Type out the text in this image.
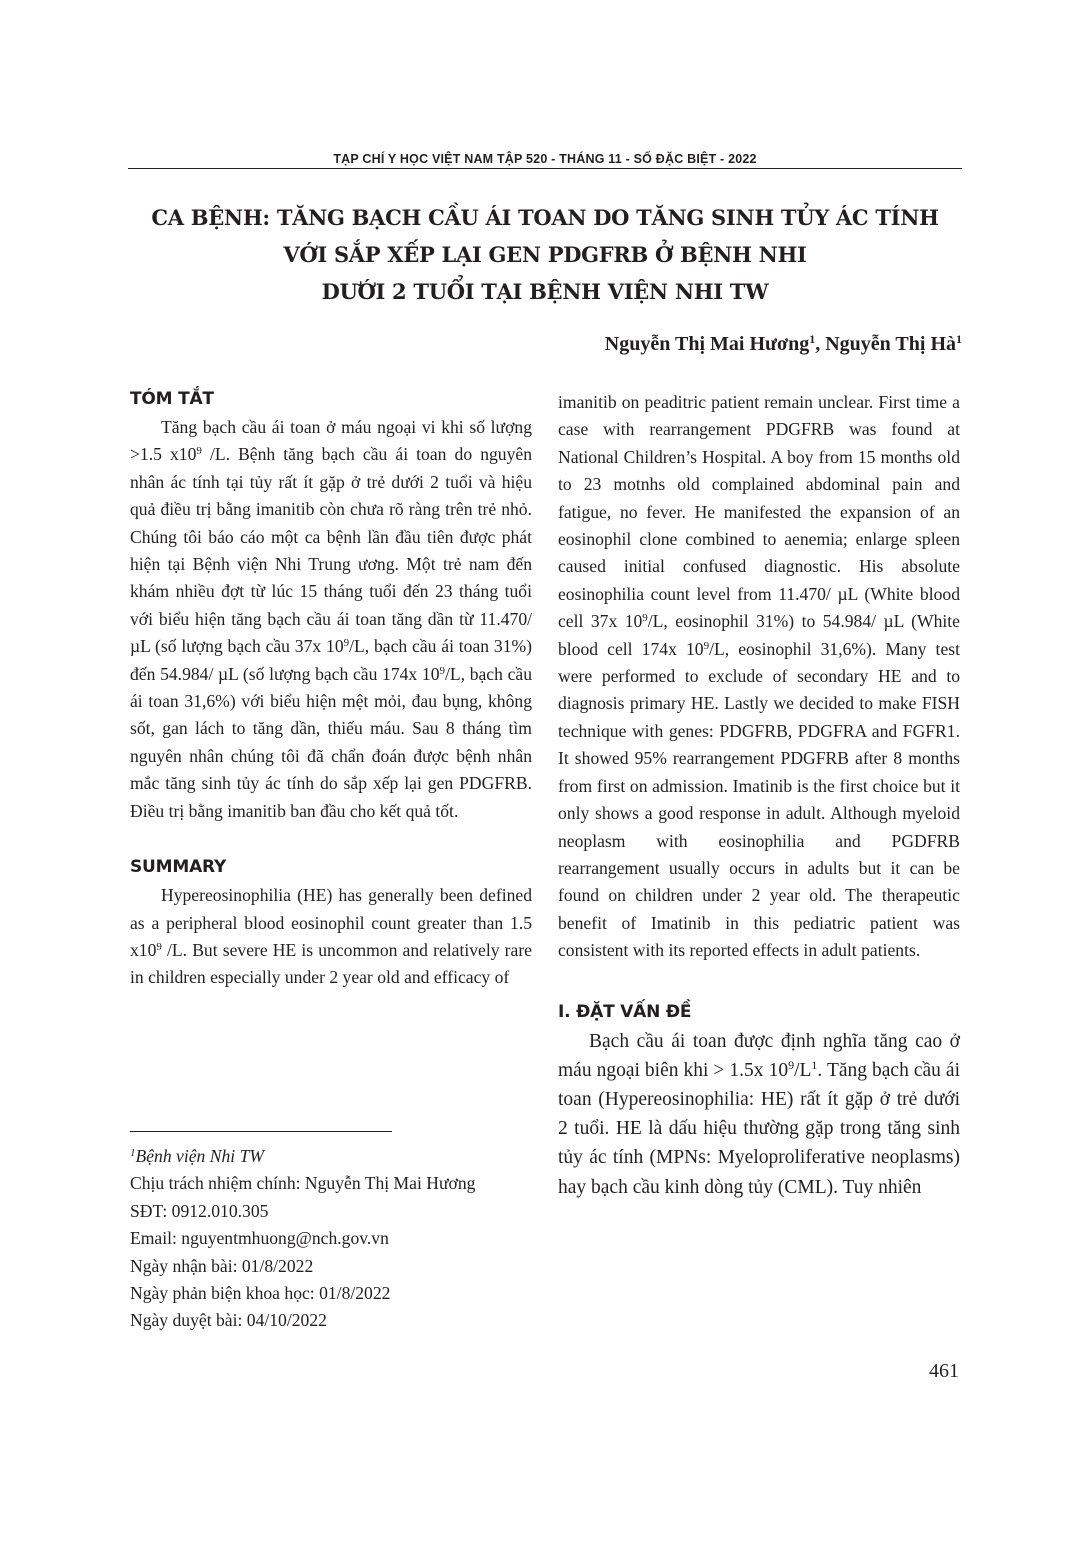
TẠP CHÍ Y HỌC VIỆT NAM TẬP 520 - THÁNG 11 - SỐ ĐẶC BIỆT - 2022
CA BỆNH: TĂNG BẠCH CẦU ÁI TOAN DO TĂNG SINH TỦY ÁC TÍNH
VỚI SẮP XẾP LẠI GEN PDGFRB Ở BỆNH NHI
DƯỚI 2 TUỔI TẠI BỆNH VIỆN NHI TW
Nguyễn Thị Mai Hương$^1$, Nguyễn Thị $Hà^1$
TÓM TẮT

Tăng bạch cầu ái toan ở máu ngoại vi khi số lượng >1.5 $x10^9$ /L. Bệnh tăng bạch cầu ái toan do nguyên nhân ác tính tại tủy rất ít gặp ở trẻ dưới 2 tuổi và hiệu quả điều trị bằng imanitib còn chưa rõ ràng trên trẻ nhỏ. Chúng tôi báo cáo một ca bệnh lần đầu tiên được phát hiện tại Bệnh viện Nhi Trung ương. Một trẻ nam đến khám nhiều đợt từ lúc 15 tháng tuổi đến 23 tháng tuổi với biểu hiện tăng bạch cầu ái toan tăng dần từ 11.470/ µL (số lượng bạch cầu 37x $10^9/L$, bạch cầu ái toan 31%) đến 54.984/ µL (số lượng bạch cầu 174x $10^9/L$, bạch cầu ái toan 31,6%) với biểu hiện mệt mỏi, đau bụng, không sốt, gan lách to tăng dần, thiếu máu. Sau 8 tháng tìm nguyên nhân chúng tôi đã chẩn đoán được bệnh nhân mắc tăng sinh tủy ác tính do sắp xếp lại gen PDGFRB. Điều trị bằng imanitib ban đầu cho kết quả tốt.

SUMMARY

Hypereosinophilia (HE) has generally been defined as a peripheral blood eosinophil count greater than 1.5 $x10^9$ /L. But severe HE is uncommon and relatively rare in children especially under 2 year old and efficacy of

$^1$Bệnh viện Nhi TW
Chịu trách nhiệm chính: Nguyễn Thị Mai Hương
SĐT: 0912.010.305
Email: nguyentmhuong@nch.gov.vn
Ngày nhận bài: 01/8/2022
Ngày phản biện khoa học: 01/8/2022
Ngày duyệt bài: 04/10/2022

imanitib on peaditric patient remain unclear. First time a case with rearrangement PDGFRB was found at National Children’s Hospital. A boy from 15 months old to 23 motnhs old complained abdominal pain and fatigue, no fever. He manifested the expansion of an eosinophil clone combined to aenemia; enlarge spleen caused initial confused diagnostic. His absolute eosinophilia count level from 11.470/ µL (White blood cell 37x $10^9/L$, eosinophil 31%) to 54.984/ µL (White blood cell 174x $10^9/L$, eosinophil 31,6%). Many test were performed to exclude of secondary HE and to diagnosis primary HE. Lastly we decided to make FISH technique with genes: PDGFRB, PDGFRA and FGFR1. It showed 95% rearrangement PDGFRB after 8 months from first on admission. Imatinib is the first choice but it only shows a good response in adult. Although myeloid neoplasm with eosinophilia and PGDFRB rearrangement usually occurs in adults but it can be found on children under 2 year old. The therapeutic benefit of Imatinib in this pediatric patient was consistent with its reported effects in adult patients.

I. ĐẶT VẤN ĐỀ

Bạch cầu ái toan được định nghĩa tăng cao ở máu ngoại biên khi > 1.5x $10^9/L^1$. Tăng bạch cầu ái toan (Hypereosinophilia: HE) rất ít gặp ở trẻ dưới 2 tuổi. HE là dấu hiệu thường gặp trong tăng sinh tủy ác tính (MPNs: Myeloproliferative neoplasms) hay bạch cầu kinh dòng tủy (CML). Tuy nhiên

461
